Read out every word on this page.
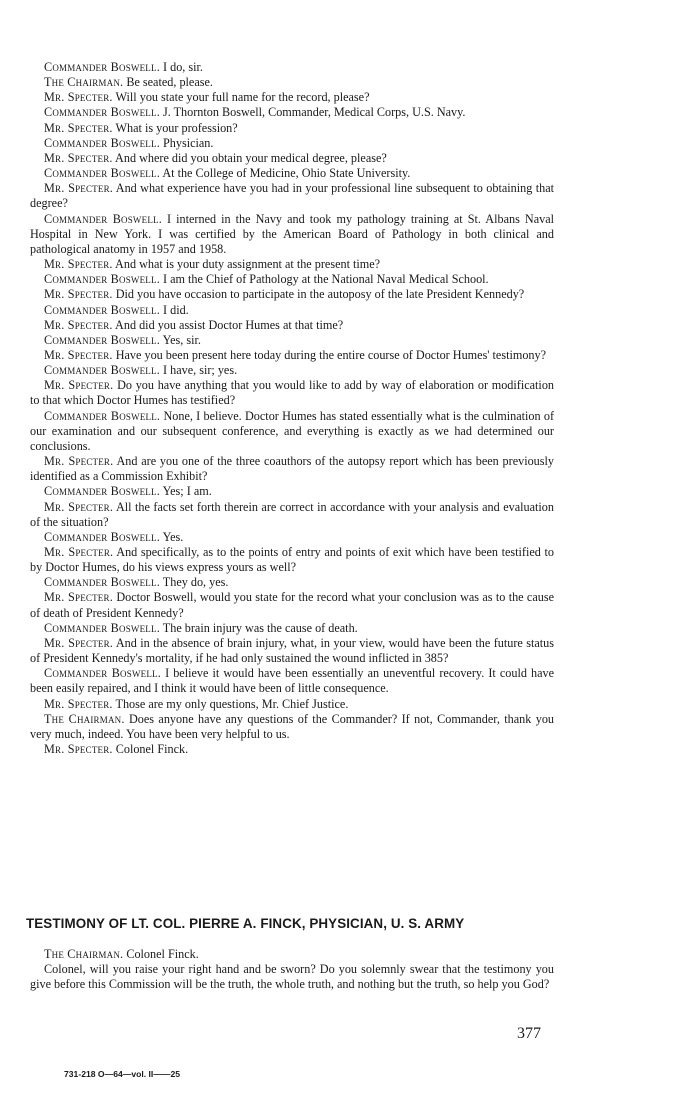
Commander Boswell. I do, sir.

The Chairman. Be seated, please.

Mr. Specter. Will you state your full name for the record, please?

Commander Boswell. J. Thornton Boswell, Commander, Medical Corps, U.S. Navy.

Mr. Specter. What is your profession?

Commander Boswell. Physician.

Mr. Specter. And where did you obtain your medical degree, please?

Commander Boswell. At the College of Medicine, Ohio State University.

Mr. Specter. And what experience have you had in your professional line subsequent to obtaining that degree?

Commander Boswell. I interned in the Navy and took my pathology training at St. Albans Naval Hospital in New York. I was certified by the American Board of Pathology in both clinical and pathological anatomy in 1957 and 1958.

Mr. Specter. And what is your duty assignment at the present time?

Commander Boswell. I am the Chief of Pathology at the National Naval Medical School.

Mr. Specter. Did you have occasion to participate in the autoposy of the late President Kennedy?

Commander Boswell. I did.

Mr. Specter. And did you assist Doctor Humes at that time?

Commander Boswell. Yes, sir.

Mr. Specter. Have you been present here today during the entire course of Doctor Humes' testimony?

Commander Boswell. I have, sir; yes.

Mr. Specter. Do you have anything that you would like to add by way of elaboration or modification to that which Doctor Humes has testified?

Commander Boswell. None, I believe. Doctor Humes has stated essentially what is the culmination of our examination and our subsequent conference, and everything is exactly as we had determined our conclusions.

Mr. Specter. And are you one of the three coauthors of the autopsy report which has been previously identified as a Commission Exhibit?

Commander Boswell. Yes; I am.

Mr. Specter. All the facts set forth therein are correct in accordance with your analysis and evaluation of the situation?

Commander Boswell. Yes.

Mr. Specter. And specifically, as to the points of entry and points of exit which have been testified to by Doctor Humes, do his views express yours as well?

Commander Boswell. They do, yes.

Mr. Specter. Doctor Boswell, would you state for the record what your conclusion was as to the cause of death of President Kennedy?

Commander Boswell. The brain injury was the cause of death.

Mr. Specter. And in the absence of brain injury, what, in your view, would have been the future status of President Kennedy's mortality, if he had only sustained the wound inflicted in 385?

Commander Boswell. I believe it would have been essentially an uneventful recovery. It could have been easily repaired, and I think it would have been of little consequence.

Mr. Specter. Those are my only questions, Mr. Chief Justice.

The Chairman. Does anyone have any questions of the Commander? If not, Commander, thank you very much, indeed. You have been very helpful to us.

Mr. Specter. Colonel Finck.

TESTIMONY OF LT. COL. PIERRE A. FINCK, PHYSICIAN, U. S. ARMY

The Chairman. Colonel Finck.

Colonel, will you raise your right hand and be sworn? Do you solemnly swear that the testimony you give before this Commission will be the truth, the whole truth, and nothing but the truth, so help you God?

377
731-218 O—64—vol. II——25
